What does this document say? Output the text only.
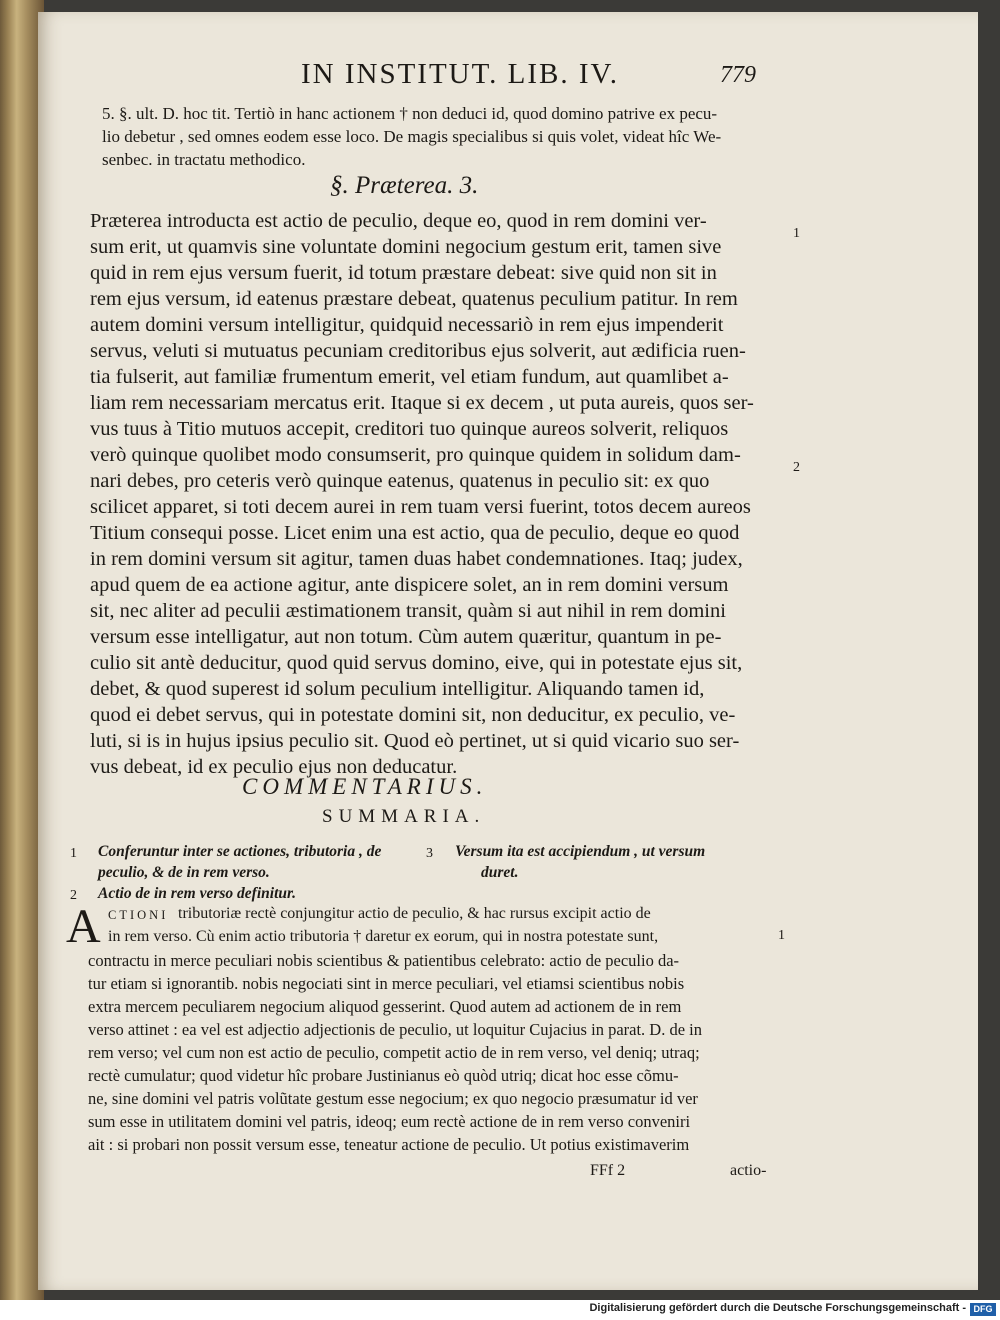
IN INSTITUT. LIB. IV.	779
5. §. ult. D. hoc tit. Tertiò in hanc actionem † non deduci id, quod domino patrive ex pecu-
lio debetur , sed omnes eodem esse loco. De magis specialibus si quis volet, videat hîc We-
senbec. in tractatu methodico.
§. Præterea. 3.
Præterea introducta est actio de peculio, deque eo, quod in rem domini ver-
sum erit, ut quamvis sine voluntate domini negocium gestum erit, tamen sive
quid in rem ejus versum fuerit, id totum præstare debeat: sive quid non sit in
rem ejus versum, id eatenus præstare debeat, quatenus peculium patitur. In rem
autem domini versum intelligitur, quidquid necessariò in rem ejus impenderit
servus, veluti si mutuatus pecuniam creditoribus ejus solverit, aut ædificia ruen-
tia fulserit, aut familiæ frumentum emerit, vel etiam fundum, aut quamlibet a-
liam rem necessariam mercatus erit. Itaque si ex decem , ut puta aureis, quos ser-
vus tuus à Titio mutuos accepit, creditori tuo quinque aureos solverit, reliquos
verò quinque quolibet modo consumserit, pro quinque quidem in solidum dam-
nari debes, pro ceteris verò quinque eatenus, quatenus in peculio sit: ex quo
scilicet apparet, si toti decem aurei in rem tuam versi fuerint, totos decem aureos
Titium consequi posse. Licet enim una est actio, qua de peculio, deque eo quod
in rem domini versum sit agitur, tamen duas habet condemnationes. Itaq; judex,
apud quem de ea actione agitur, ante dispicere solet, an in rem domini versum
sit, nec aliter ad peculii æstimationem transit, quàm si aut nihil in rem domini
versum esse intelligatur, aut non totum. Cùm autem quæritur, quantum in pe-
culio sit antè deducitur, quod quid servus domino, eive, qui in potestate ejus sit,
debet, & quod superest id solum peculium intelligitur. Aliquando tamen id,
quod ei debet servus, qui in potestate domini sit, non deducitur, ex peculio, ve-
luti, si is in hujus ipsius peculio sit. Quod eò pertinet, ut si quid vicario suo ser-
vus debeat, id ex peculio ejus non deducatur.
COMMENTARIUS.
SUMMARIA.
1 Conferuntur inter se actiones, tributoria , de
peculio, & de in rem verso.
2 Actio de in rem verso definitur.
3 Versum ita est accipiendum , ut versum
duret.
A CTIONI tributoriæ rectè conjungitur actio de peculio, & hac rursus excipit actio de
in rem verso. Cù enim actio tributoria † daretur ex eorum, qui in nostra potestate sunt,
contractu in merce peculiari nobis scientibus & patientibus celebrato: actio de peculio da-
tur etiam si ignorantib. nobis negociati sint in merce peculiari, vel etiamsi scientibus nobis
extra mercem peculiarem negocium aliquod gesserint. Quod autem ad actionem de in rem
verso attinet : ea vel est adjectio adjectionis de peculio, ut loquitur Cujacius in parat. D. de in
rem verso; vel cum non est actio de peculio, competit actio de in rem verso, vel deniq; utraq;
rectè cumulatur; quod videtur hîc probare Justinianus eò quòd utriq; dicat hoc esse cõmu-
ne, sine domini vel patris volũtate gestum esse negocium; ex quo negocio præsumatur id ver
sum esse in utilitatem domini vel patris, ideoq; eum rectè actione de in rem verso conveniri
ait : si probari non possit versum esse, teneatur actione de peculio. Ut potius existimaverim
1
2
1
FFf 2	actio-
Digitalisierung gefördert durch die Deutsche Forschungsgemeinschaft - DFG
